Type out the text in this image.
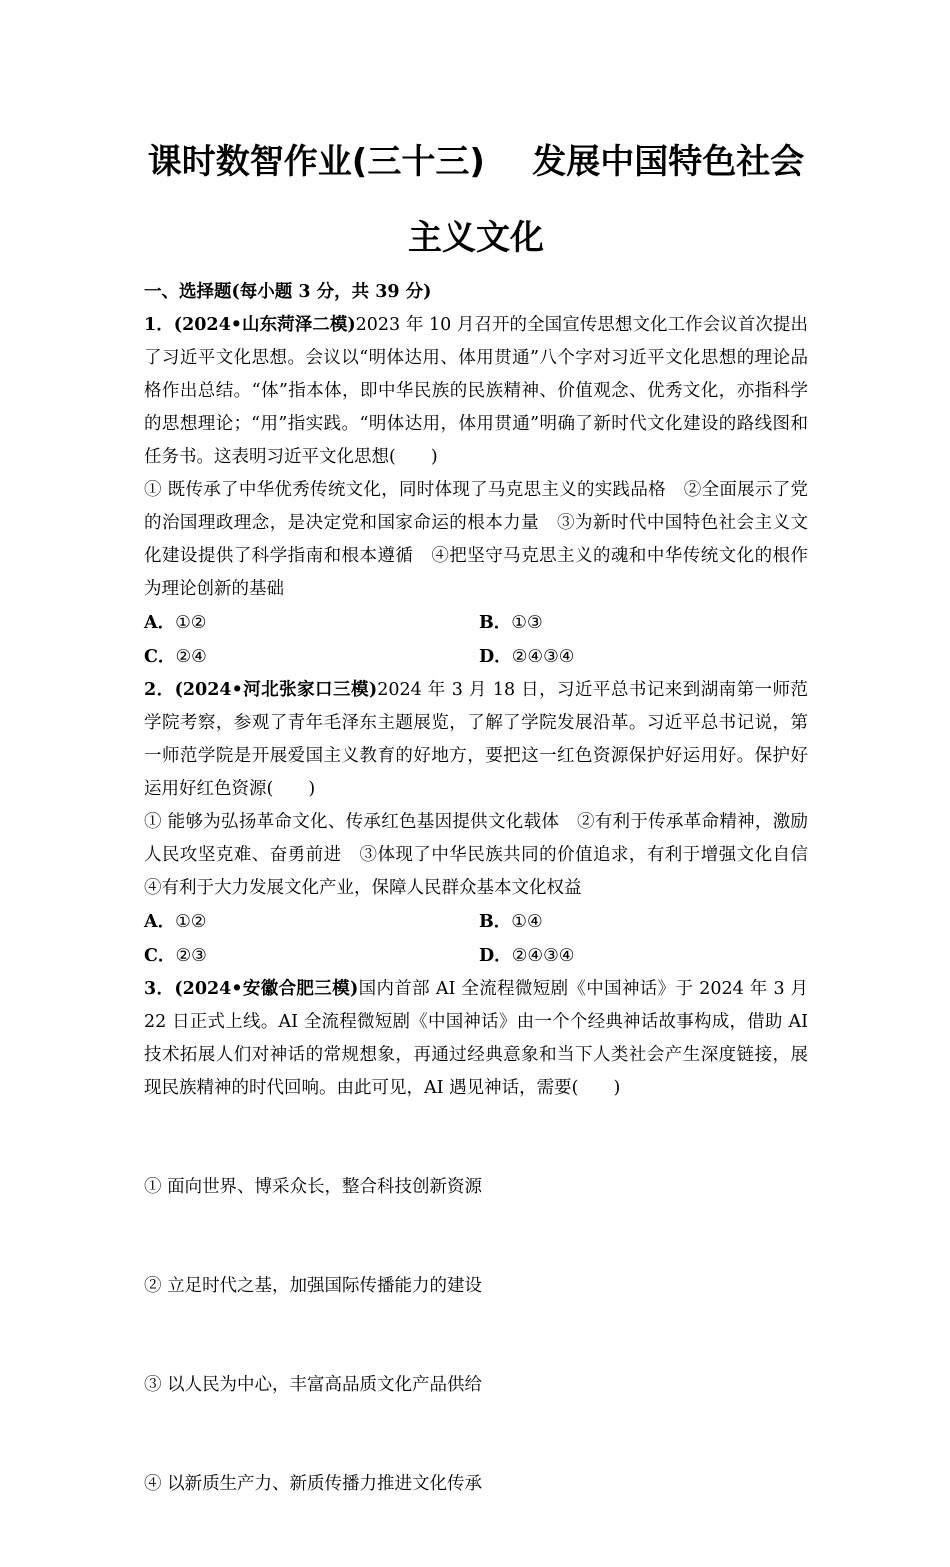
课时数智作业(三十三)    发展中国特色社会
主义文化
一、选择题(每小题 3 分，共 39 分)
1．(2024•山东菏泽二模)2023 年 10 月召开的全国宣传思想文化工作会议首次提出了习近平文化思想。会议以“明体达用、体用贯通”八个字对习近平文化思想的理论品格作出总结。“体”指本体，即中华民族的民族精神、价值观念、优秀文化，亦指科学的思想理论；“用”指实践。“明体达用，体用贯通”明确了新时代文化建设的路线图和任务书。这表明习近平文化思想(　　)
① 既传承了中华优秀传统文化，同时体现了马克思主义的实践品格　②全面展示了党的治国理政理念，是决定党和国家命运的根本力量　③为新时代中国特色社会主义文化建设提供了科学指南和根本遵循　④把坚守马克思主义的魂和中华传统文化的根作为理论创新的基础
A．①②	B．①③
C．②④	D．②④③④
2．(2024•河北张家口三模)2024 年 3 月 18 日，习近平总书记来到湖南第一师范学院考察，参观了青年毛泽东主题展览，了解了学院发展沿革。习近平总书记说，第一师范学院是开展爱国主义教育的好地方，要把这一红色资源保护好运用好。保护好运用好红色资源(　　)
① 能够为弘扬革命文化、传承红色基因提供文化载体　②有利于传承革命精神，激励人民攻坚克难、奋勇前进　③体现了中华民族共同的价值追求，有利于增强文化自信　④有利于大力发展文化产业，保障人民群众基本文化权益
A．①②	B．①④
C．②③	D．②④③④
3．(2024•安徽合肥三模)国内首部 AI 全流程微短剧《中国神话》于 2024 年 3 月 22 日正式上线。AI 全流程微短剧《中国神话》由一个个经典神话故事构成，借助 AI 技术拓展人们对神话的常规想象，再通过经典意象和当下人类社会产生深度链接，展现民族精神的时代回响。由此可见，AI 遇见神话，需要(　　)

① 面向世界、博采众长，整合科技创新资源

② 立足时代之基，加强国际传播能力的建设

③ 以人民为中心，丰富高品质文化产品供给

④ 以新质生产力、新质传播力推进文化传承
